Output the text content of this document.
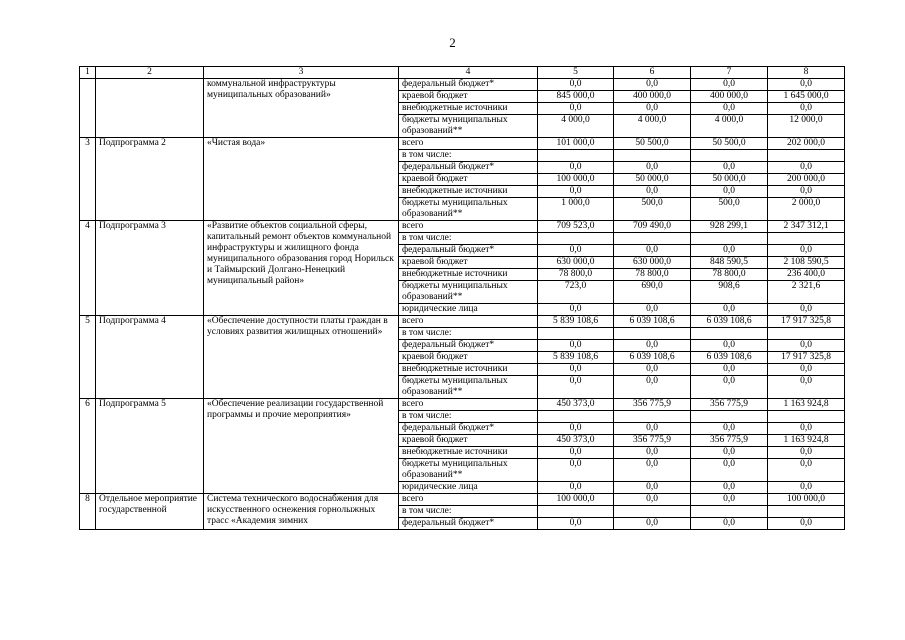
2
1	2	3	4	5	6	7	8
		коммунальной инфраструктуры муниципальных образований»	федеральный бюджет*	0,0	0,0	0,0	0,0
			краевой бюджет	845 000,0	400 000,0	400 000,0	1 645 000,0
			внебюджетные источники	0,0	0,0	0,0	0,0
			бюджеты муниципальных образований**	4 000,0	4 000,0	4 000,0	12 000,0
3	Подпрограмма 2	«Чистая вода»	всего	101 000,0	50 500,0	50 500,0	202 000,0
			в том числе:				
			федеральный бюджет*	0,0	0,0	0,0	0,0
			краевой бюджет	100 000,0	50 000,0	50 000,0	200 000,0
			внебюджетные источники	0,0	0,0	0,0	0,0
			бюджеты муниципальных образований**	1 000,0	500,0	500,0	2 000,0
4	Подпрограмма 3	«Развитие объектов социальной сферы, капитальный ремонт объектов коммунальной инфраструктуры и жилищного фонда муниципального образования город Норильск и Таймырский Долгано-Ненецкий муниципальный район»	всего	709 523,0	709 490,0	928 299,1	2 347 312,1
			в том числе:				
			федеральный бюджет*	0,0	0,0	0,0	0,0
			краевой бюджет	630 000,0	630 000,0	848 590,5	2 108 590,5
			внебюджетные источники	78 800,0	78 800,0	78 800,0	236 400,0
			бюджеты муниципальных образований**	723,0	690,0	908,6	2 321,6
			юридические лица	0,0	0,0	0,0	0,0
5	Подпрограмма 4	«Обеспечение доступности платы граждан в условиях развития жилищных отношений»	всего	5 839 108,6	6 039 108,6	6 039 108,6	17 917 325,8
			в том числе:				
			федеральный бюджет*	0,0	0,0	0,0	0,0
			краевой бюджет	5 839 108,6	6 039 108,6	6 039 108,6	17 917 325,8
			внебюджетные источники	0,0	0,0	0,0	0,0
			бюджеты муниципальных образований**	0,0	0,0	0,0	0,0
6	Подпрограмма 5	«Обеспечение реализации государственной программы и прочие мероприятия»	всего	450 373,0	356 775,9	356 775,9	1 163 924,8
			в том числе:				
			федеральный бюджет*	0,0	0,0	0,0	0,0
			краевой бюджет	450 373,0	356 775,9	356 775,9	1 163 924,8
			внебюджетные источники	0,0	0,0	0,0	0,0
			бюджеты муниципальных образований**	0,0	0,0	0,0	0,0
			юридические лица	0,0	0,0	0,0	0,0
8	Отдельное мероприятие государственной	Система технического водоснабжения для искусственного оснежения горнолыжных трасс «Академия зимних	всего	100 000,0	0,0	0,0	100 000,0
			в том числе:				
			федеральный бюджет*	0,0	0,0	0,0	0,0
